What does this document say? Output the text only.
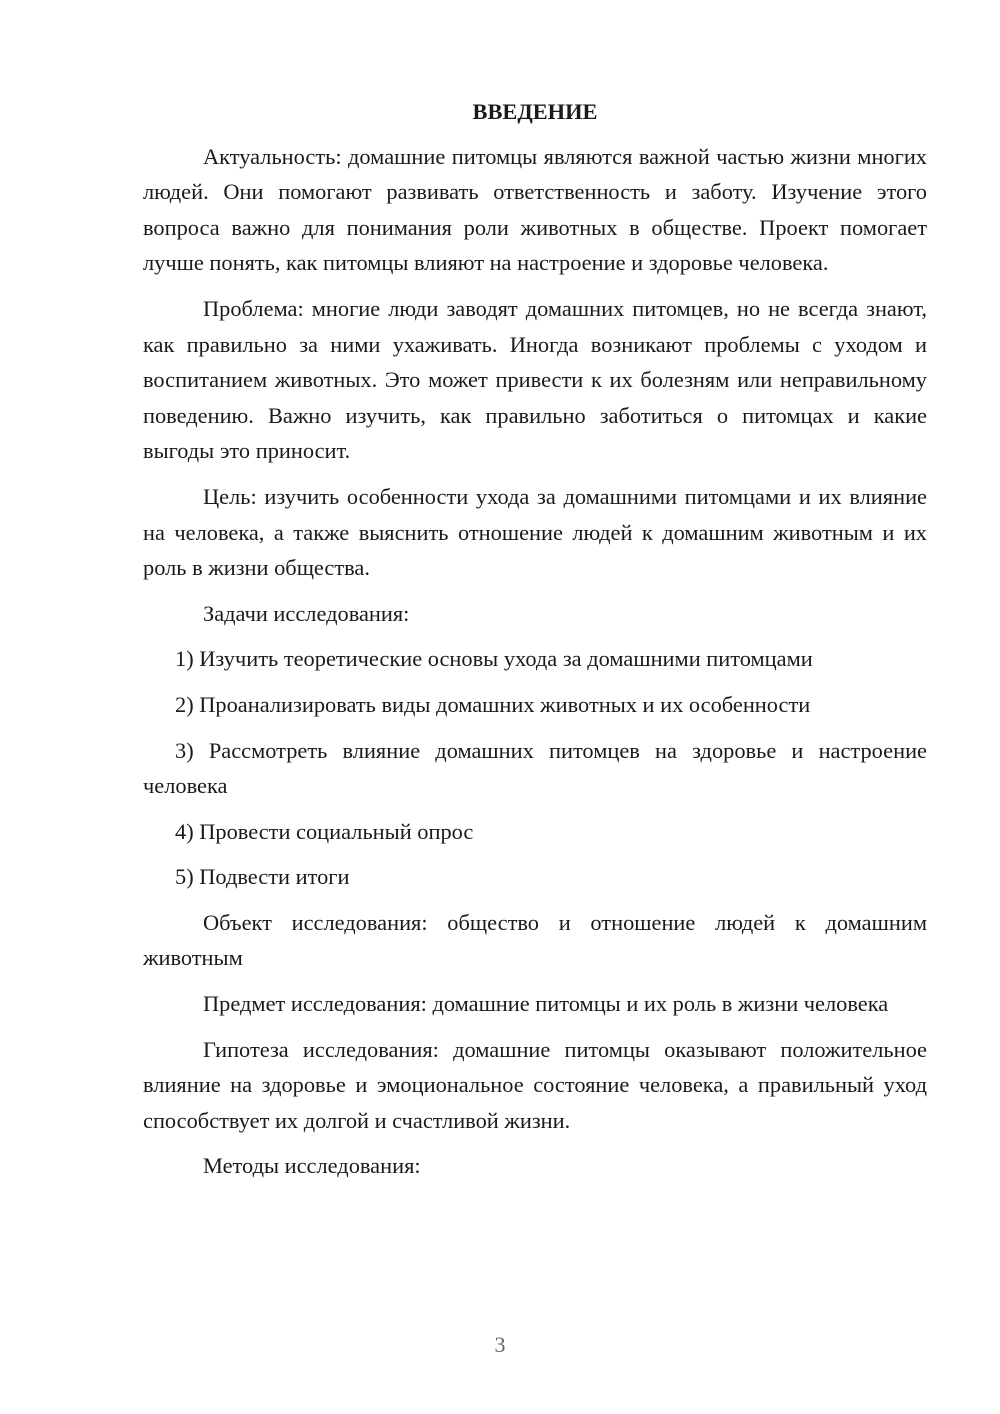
ВВЕДЕНИЕ

Актуальность: домашние питомцы являются важной частью жизни многих людей. Они помогают развивать ответственность и заботу. Изучение этого вопроса важно для понимания роли животных в обществе. Проект помогает лучше понять, как питомцы влияют на настроение и здоровье человека.

Проблема: многие люди заводят домашних питомцев, но не всегда знают, как правильно за ними ухаживать. Иногда возникают проблемы с уходом и воспитанием животных. Это может привести к их болезням или неправильному поведению. Важно изучить, как правильно заботиться о питомцах и какие выгоды это приносит.

Цель: изучить особенности ухода за домашними питомцами и их влияние на человека, а также выяснить отношение людей к домашним животным и их роль в жизни общества.

Задачи исследования:

1) Изучить теоретические основы ухода за домашними питомцами

2) Проанализировать виды домашних животных и их особенности

3) Рассмотреть влияние домашних питомцев на здоровье и настроение человека

4) Провести социальный опрос

5) Подвести итоги

Объект исследования: общество и отношение людей к домашним животным

Предмет исследования: домашние питомцы и их роль в жизни человека

Гипотеза исследования: домашние питомцы оказывают положительное влияние на здоровье и эмоциональное состояние человека, а правильный уход способствует их долгой и счастливой жизни.

Методы исследования:

3
